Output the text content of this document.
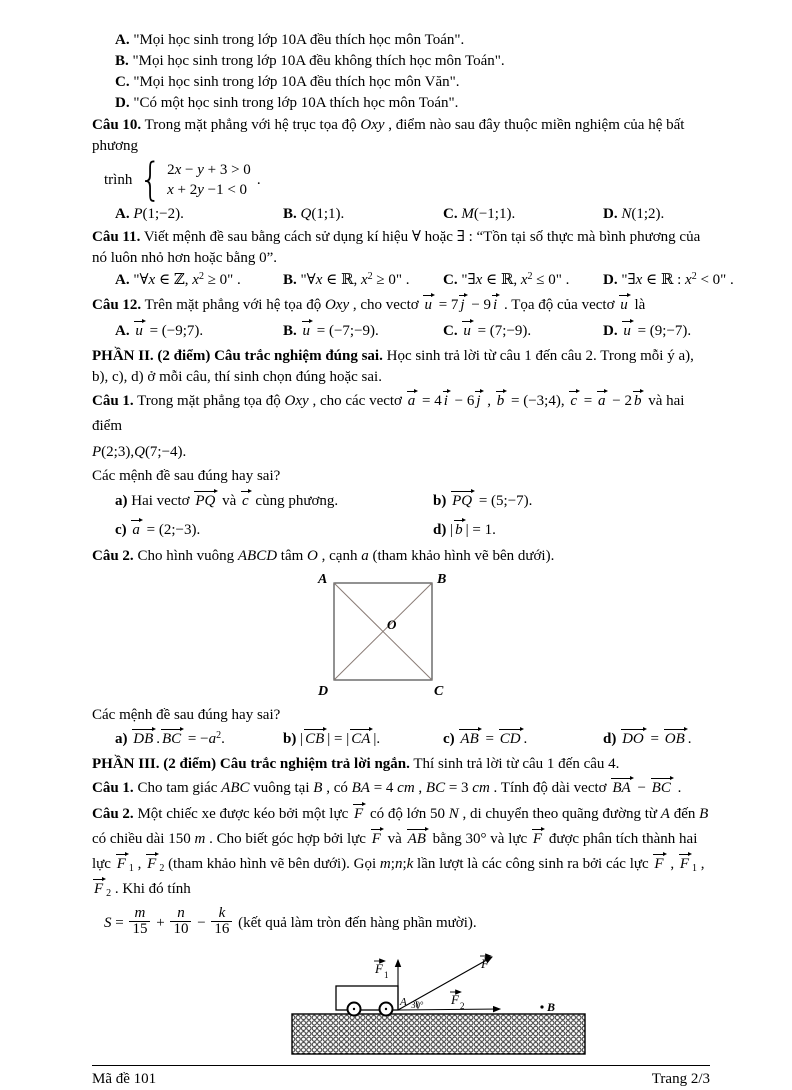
A. "Mọi học sinh trong lớp 10A đều thích học môn Toán".

B. "Mọi học sinh trong lớp 10A đều không thích học môn Toán".

C. "Mọi học sinh trong lớp 10A đều thích học môn Văn".

D. "Có một học sinh trong lớp 10A thích học môn Toán".

Câu 10. Trong mặt phẳng với hệ trục tọa độ Oxy , điểm nào sau đây thuộc miền nghiệm của hệ bất phương

trình { 2x − y + 3 > 0
x + 2y −1 < 0
.
A. P(1;−2).	B. Q(1;1).	C. M(−1;1).	D. N(1;2).

Câu 11. Viết mệnh đề sau bằng cách sử dụng kí hiệu ∀ hoặc ∃ : “Tồn tại số thực mà bình phương của nó luôn nhỏ hơn hoặc bằng 0”.

A. "∀x ∈ ℤ, $x^2 \ge 0$" .	B. "∀x ∈ ℝ, $x^2 \ge 0$" .	C. "∃x ∈ ℝ, $x^2 \le 0$" .	D. "∃x ∈ ℝ : $x^2 < 0$" .

Câu 12. Trên mặt phẳng với hệ tọa độ Oxy , cho vectơ u = 7 j − 9 i . Tọa độ của vectơ u là

A. u = (−9;7).	B. u = (−7;−9).	C. u = (7;−9).	D. u = (9;−7).

PHẦN II. (2 điểm) Câu trắc nghiệm đúng sai. Học sinh trả lời từ câu 1 đến câu 2. Trong mỗi ý a), b), c), d) ở mỗi câu, thí sinh chọn đúng hoặc sai.

Câu 1. Trong mặt phẳng tọa độ Oxy , cho các vectơ a = 4 i − 6 j , b = (−3;4), c = a − 2 b và hai điểm

P(2;3),Q(7;−4).

Các mệnh đề sau đúng hay sai?

a) Hai vectơ PQ và c cùng phương.	b) PQ = (5;−7).
c) a = (2;−3).	d) | b | = 1.

Câu 2. Cho hình vuông ABCD tâm O , cạnh a (tham khảo hình vẽ bên dưới).

A	B
D	C
O

Các mệnh đề sau đúng hay sai?

a) DB . BC = $-a^2$.	b) | CB | = | CA |.	c) AB = CD .	d) DO = OB .

PHẦN III. (2 điểm) Câu trắc nghiệm trả lời ngắn. Thí sinh trả lời từ câu 1 đến câu 4.

Câu 1. Cho tam giác ABC vuông tại B , có BA = 4 cm , BC = 3 cm . Tính độ dài vectơ BA − BC .

Câu 2. Một chiếc xe được kéo bởi một lực F có độ lớn 50 N , di chuyển theo quãng đường từ A đến B có chiều dài 150 m . Cho biết góc hợp bởi lực F và AB bằng 30° và lực F được phân tích thành hai lực F $_1$ , F $_2$ (tham khảo hình vẽ bên dưới). Gọi m;n;k lần lượt là các công sinh ra bởi các lực F , F $_1$ , F $_2$ . Khi đó tính

$S = \frac{m}{15} + \frac{n}{10} - \frac{k}{16}$ (kết quả làm tròn đến hàng phần mười).

F 1
F
F 2
A 30°	B
Mã đề 101	Trang 2/3
